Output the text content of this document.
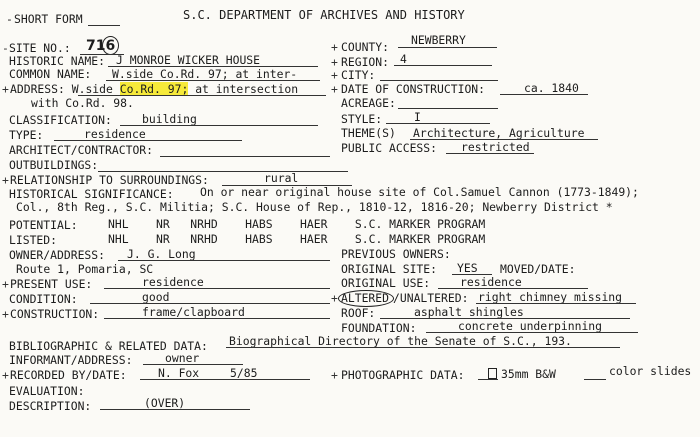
- SHORT FORM	S.C. DEPARTMENT OF ARCHIVES AND HISTORY
- SITE NO.: 716	+ COUNTY: NEWBERRY
HISTORIC NAME: J MONROE WICKER HOUSE	+ REGION: 4
COMMON NAME: W.side Co.Rd. 97; at inter-	+ CITY:
+ ADDRESS: W.side Co.Rd. 97; at intersection
with Co.Rd. 98.
+ DATE OF CONSTRUCTION:	ca. 1840
ACREAGE:
CLASSIFICATION:	building	STYLE:	I
TYPE:	residence	THEME(S) Architecture, Agriculture
ARCHITECT/CONTRACTOR:	PUBLIC ACCESS: restricted
OUTBUILDINGS:
+ RELATIONSHIP TO SURROUNDINGS:	rural
HISTORICAL SIGNIFICANCE: On or near original house site of Col.Samuel Cannon (1773-1849);
Col., 8th Reg., S.C. Militia; S.C. House of Rep., 1810-12, 1816-20; Newberry District *
POTENTIAL:	NHL    NR   NRHD    HABS    HAER    S.C. MARKER PROGRAM
LISTED:	NHL    NR   NRHD    HABS    HAER    S.C. MARKER PROGRAM
OWNER/ADDRESS: J. G. Long
Route 1, Pomaria, SC
PREVIOUS OWNERS:
ORIGINAL SITE: YES MOVED/DATE:
+ PRESENT USE:	residence	ORIGINAL USE:	residence
CONDITION:	good	+ ALTERED /UNALTERED: right chimney missing
+ CONSTRUCTION:	frame/clapboard	ROOF:	asphalt shingles
FOUNDATION:	concrete underpinning
BIBLIOGRAPHIC & RELATED DATA: Biographical Directory of the Senate of S.C., 193.
INFORMANT/ADDRESS:	owner
+ RECORDED BY/DATE:	N. Fox	5/85	+ PHOTOGRAPHIC DATA:	35mm B&W	color slides
EVALUATION:
DESCRIPTION:	(OVER)
